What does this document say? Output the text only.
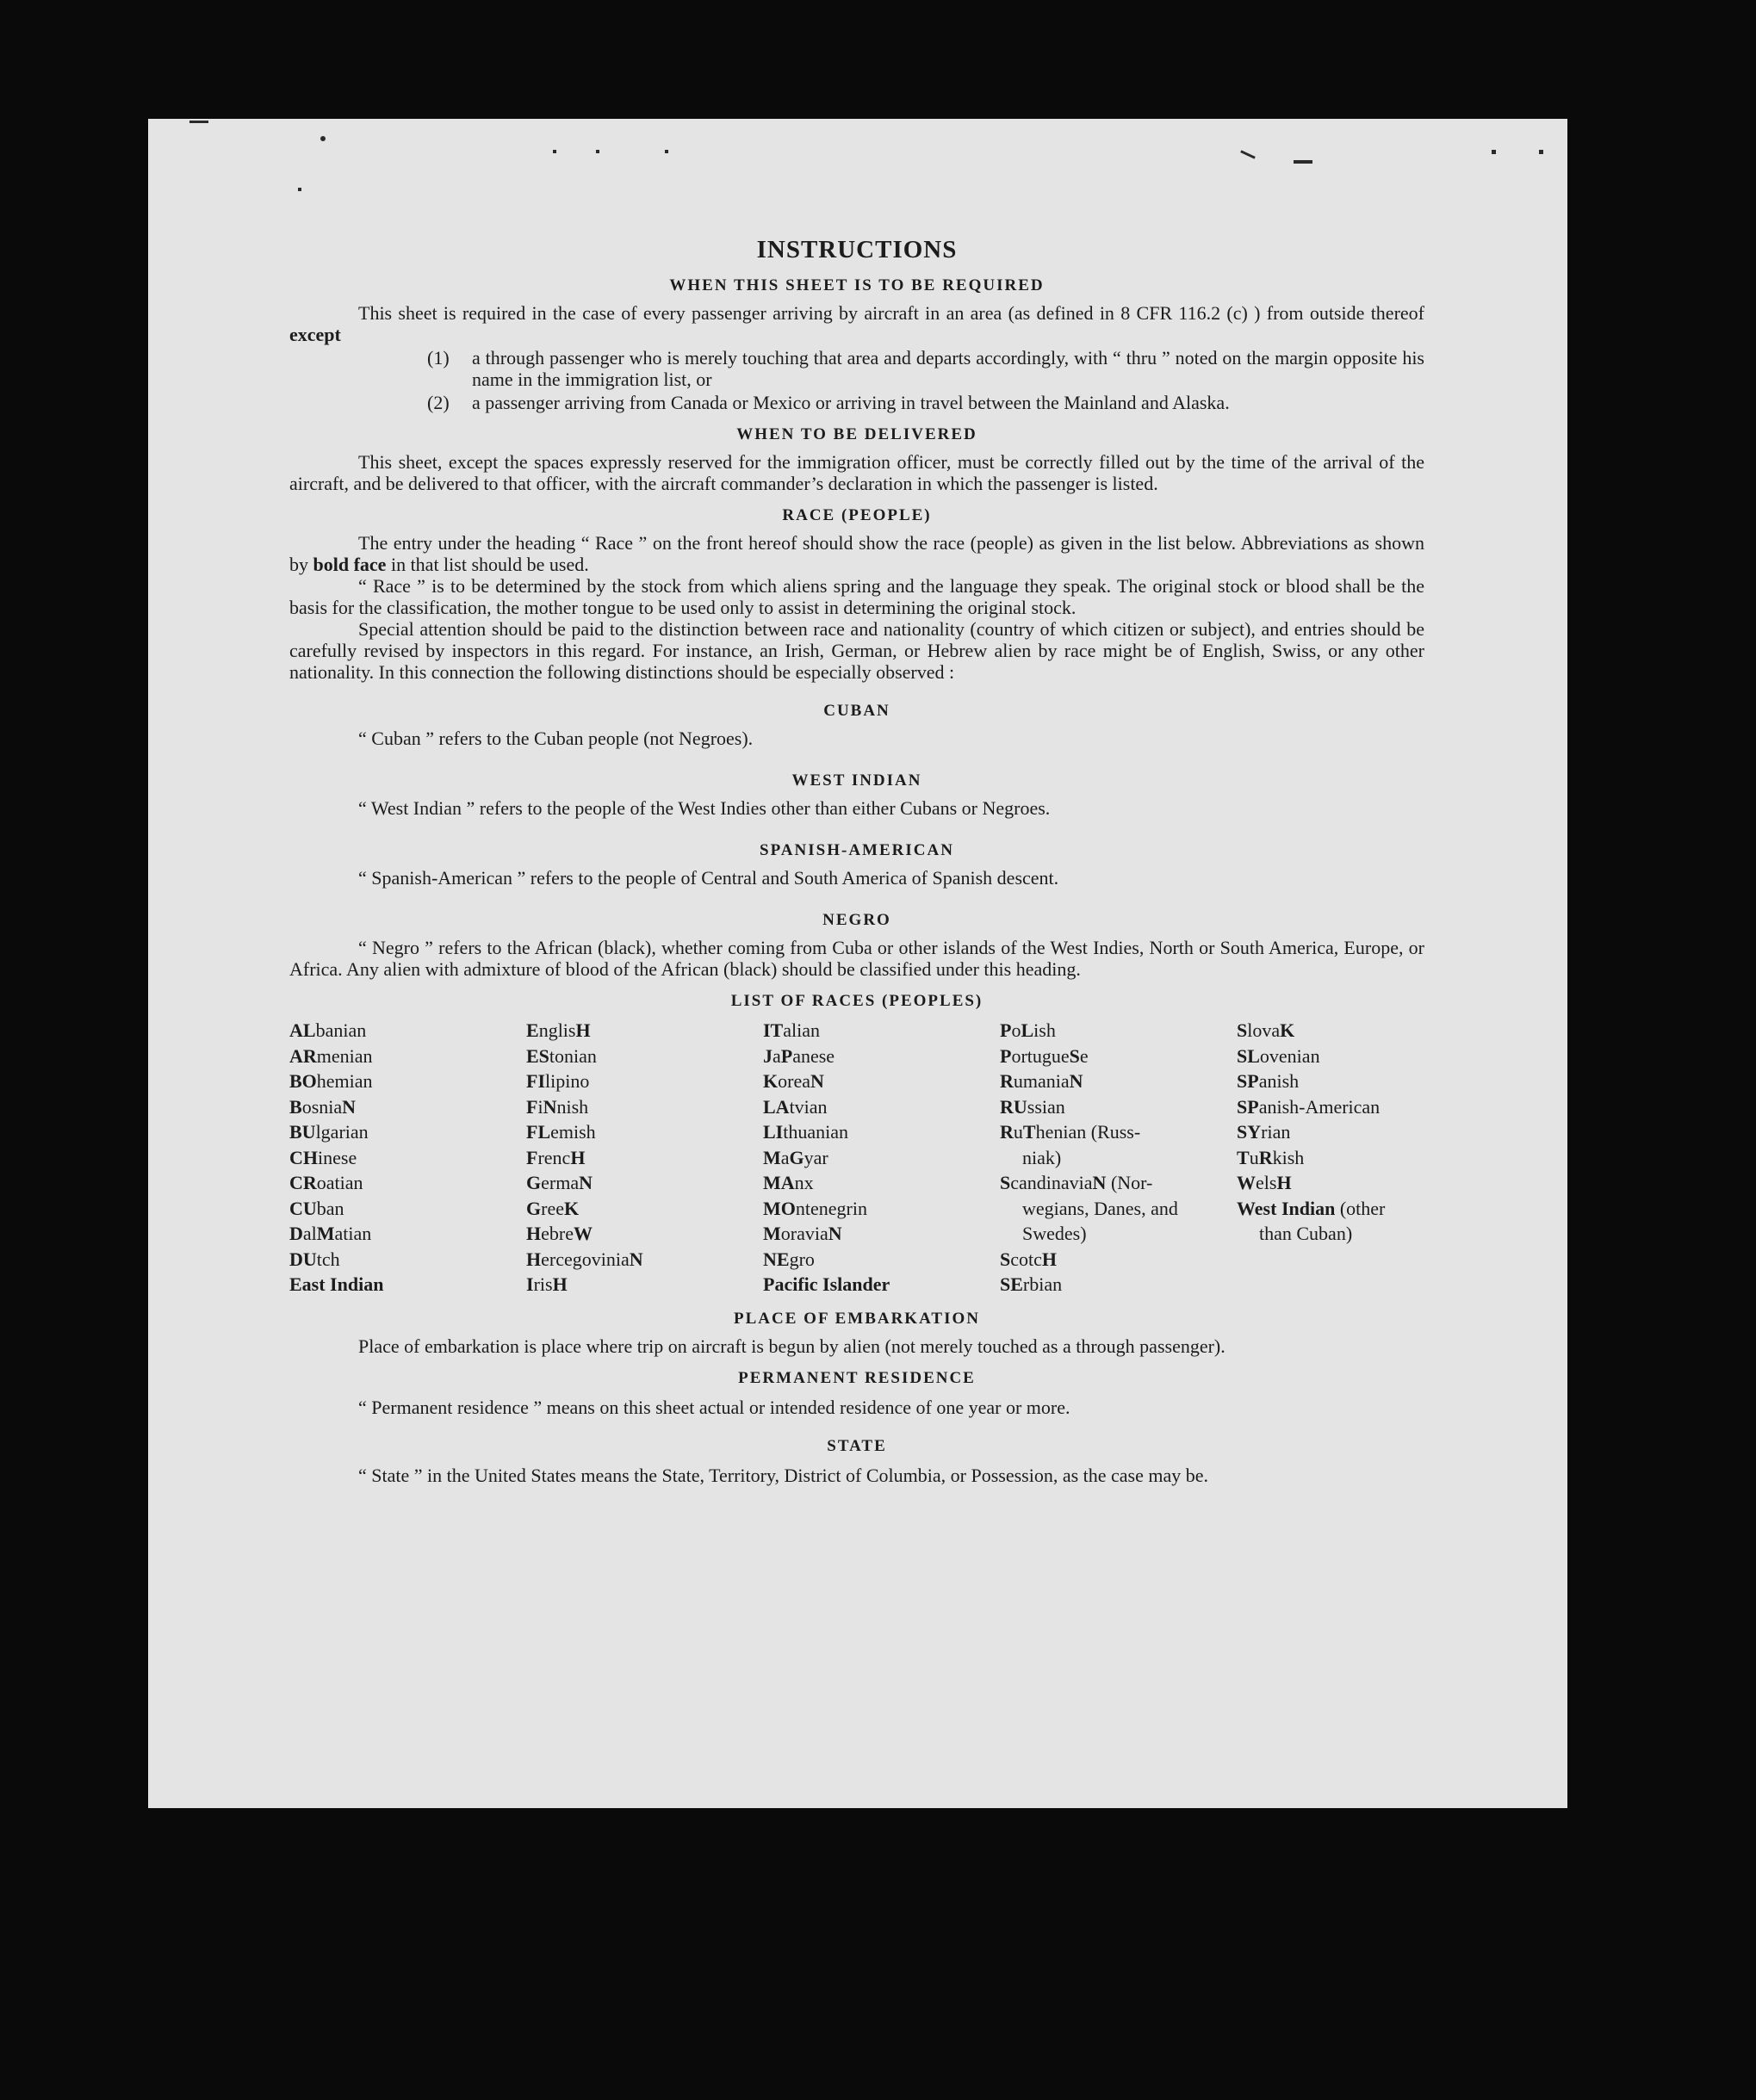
INSTRUCTIONS
WHEN THIS SHEET IS TO BE REQUIRED

This sheet is required in the case of every passenger arriving by aircraft in an area (as defined in 8 CFR 116.2 (c) ) from outside thereof except

(1)	a through passenger who is merely touching that area and departs accordingly, with “ thru ” noted on the margin opposite his name in the immigration list, or
(2)	a passenger arriving from Canada or Mexico or arriving in travel between the Mainland and Alaska.
WHEN TO BE DELIVERED

This sheet, except the spaces expressly reserved for the immigration officer, must be correctly filled out by the time of the arrival of the aircraft, and be delivered to that officer, with the aircraft commander’s declaration in which the passenger is listed.

RACE (PEOPLE)

The entry under the heading “ Race ” on the front hereof should show the race (people) as given in the list below. Abbreviations as shown by bold face in that list should be used.

“ Race ” is to be determined by the stock from which aliens spring and the language they speak. The original stock or blood shall be the basis for the classification, the mother tongue to be used only to assist in determining the original stock.

Special attention should be paid to the distinction between race and nationality (country of which citizen or subject), and entries should be carefully revised by inspectors in this regard. For instance, an Irish, German, or Hebrew alien by race might be of English, Swiss, or any other nationality. In this connection the following distinctions should be especially observed :

CUBAN

“ Cuban ” refers to the Cuban people (not Negroes).

WEST INDIAN

“ West Indian ” refers to the people of the West Indies other than either Cubans or Negroes.

SPANISH-AMERICAN

“ Spanish-American ” refers to the people of Central and South America of Spanish descent.

NEGRO

“ Negro ” refers to the African (black), whether coming from Cuba or other islands of the West Indies, North or South America, Europe, or Africa. Any alien with admixture of blood of the African (black) should be classified under this heading.

LIST OF RACES (PEOPLES)
ALbanian
ARmenian
BOhemian
BosniaN
BUlgarian
CHinese
CRoatian
CUban
DalMatian
DUtch
East Indian
EnglisH
EStonian
FIlipino
FiNnish
FLemish
FrencH
GermaN
GreeK
HebreW
HercegoviniaN
IrisH
ITalian
JaPanese
KoreaN
LAtvian
LIthuanian
MaGyar
MAnx
MOntenegrin
MoraviaN
NEgro
Pacific Islander
PoLish
PortugueSe
RumaniaN
RUssian
RuThenian (Russ-
niak)
ScandinaviaN (Nor-
wegians, Danes, and Swedes)
ScotcH
SErbian
SlovaK
SLovenian
SPanish
SPanish-American
SYrian
TuRkish
WelsH
West Indian (other
than Cuban)
PLACE OF EMBARKATION

Place of embarkation is place where trip on aircraft is begun by alien (not merely touched as a through passenger).

PERMANENT RESIDENCE

“ Permanent residence ” means on this sheet actual or intended residence of one year or more.

STATE

“ State ” in the United States means the State, Territory, District of Columbia, or Possession, as the case may be.
